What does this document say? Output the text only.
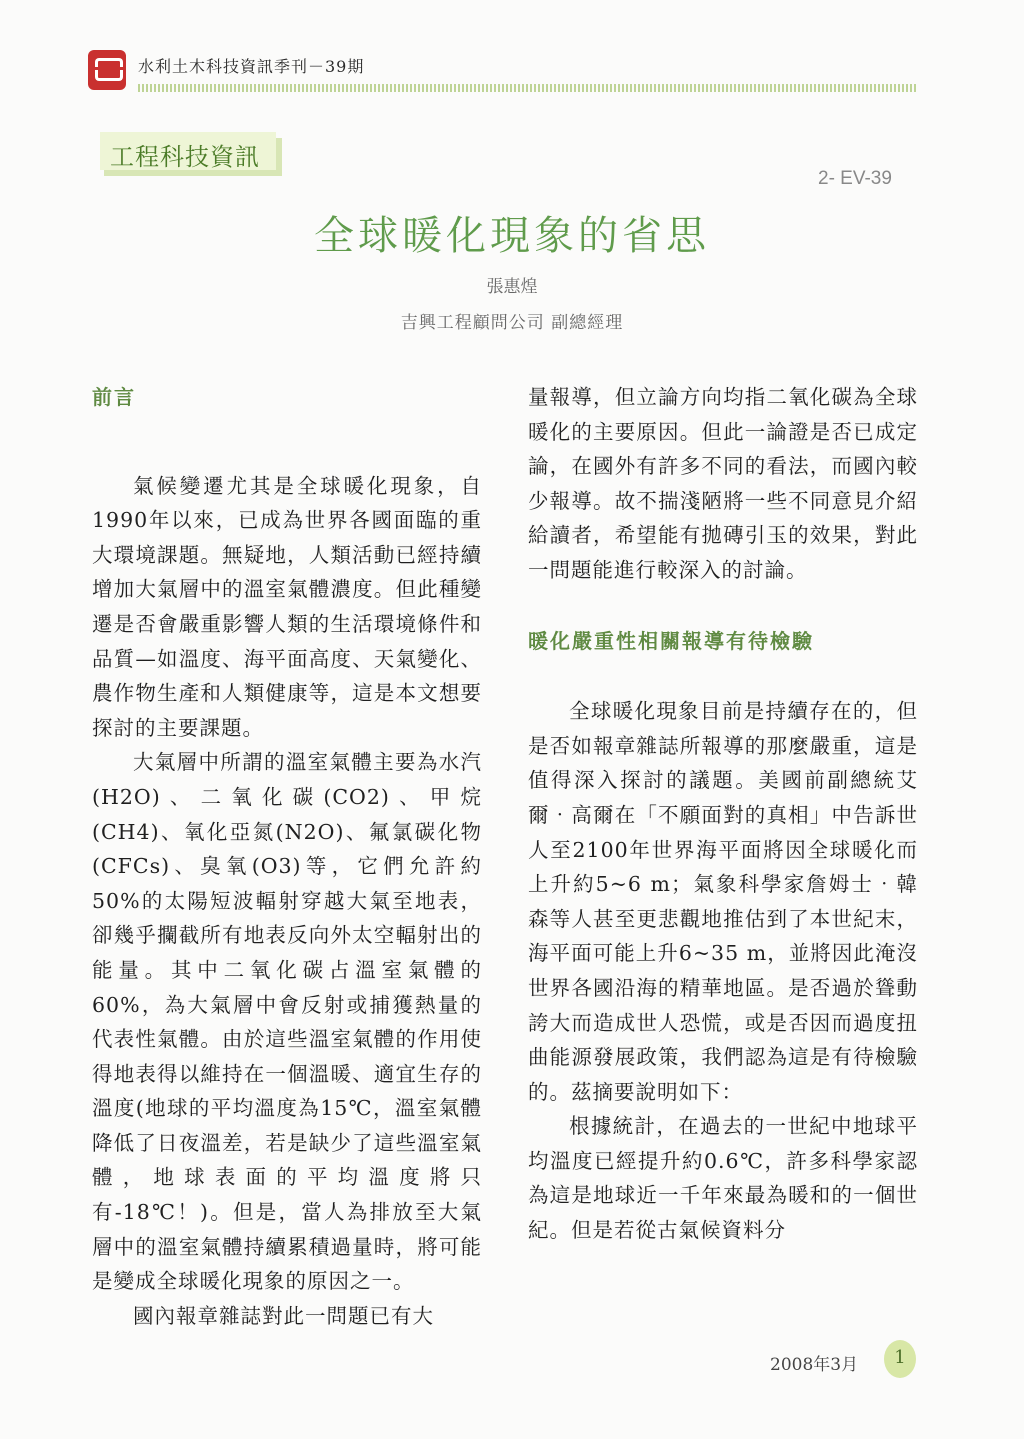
水利土木科技資訊季刊－39期
工程科技資訊
2- EV-39
全球暖化現象的省思
張惠煌
吉興工程顧問公司 副總經理
前言

氣候變遷尤其是全球暖化現象，自1990年以來，已成為世界各國面臨的重大環境課題。無疑地，人類活動已經持續增加大氣層中的溫室氣體濃度。但此種變遷是否會嚴重影響人類的生活環境條件和品質—如溫度、海平面高度、天氣變化、農作物生產和人類健康等，這是本文想要探討的主要課題。

大氣層中所謂的溫室氣體主要為水汽(H2O)、二氧化碳(CO2)、甲烷(CH4)、氧化亞氮(N2O)、氟氯碳化物(CFCs)、臭氧(O3)等，它們允許約50%的太陽短波輻射穿越大氣至地表，卻幾乎攔截所有地表反向外太空輻射出的能量。其中二氧化碳占溫室氣體的60%，為大氣層中會反射或捕獲熱量的代表性氣體。由於這些溫室氣體的作用使得地表得以維持在一個溫暖、適宜生存的溫度(地球的平均溫度為15℃，溫室氣體降低了日夜溫差，若是缺少了這些溫室氣體，地球表面的平均溫度將只有-18℃！)。但是，當人為排放至大氣層中的溫室氣體持續累積過量時，將可能是變成全球暖化現象的原因之一。

國內報章雜誌對此一問題已有大

量報導，但立論方向均指二氧化碳為全球暖化的主要原因。但此一論證是否已成定論，在國外有許多不同的看法，而國內較少報導。故不揣淺陋將一些不同意見介紹給讀者，希望能有拋磚引玉的效果，對此一問題能進行較深入的討論。

暖化嚴重性相關報導有待檢驗

全球暖化現象目前是持續存在的，但是否如報章雜誌所報導的那麼嚴重，這是值得深入探討的議題。美國前副總統艾爾‧高爾在「不願面對的真相」中告訴世人至2100年世界海平面將因全球暖化而上升約5~6 m；氣象科學家詹姆士‧韓森等人甚至更悲觀地推估到了本世紀末，海平面可能上升6~35 m，並將因此淹沒世界各國沿海的精華地區。是否過於聳動誇大而造成世人恐慌，或是否因而過度扭曲能源發展政策，我們認為這是有待檢驗的。茲摘要說明如下：

根據統計，在過去的一世紀中地球平均溫度已經提升約0.6℃，許多科學家認為這是地球近一千年來最為暖和的一個世紀。但是若從古氣候資料分

2008年3月	1
